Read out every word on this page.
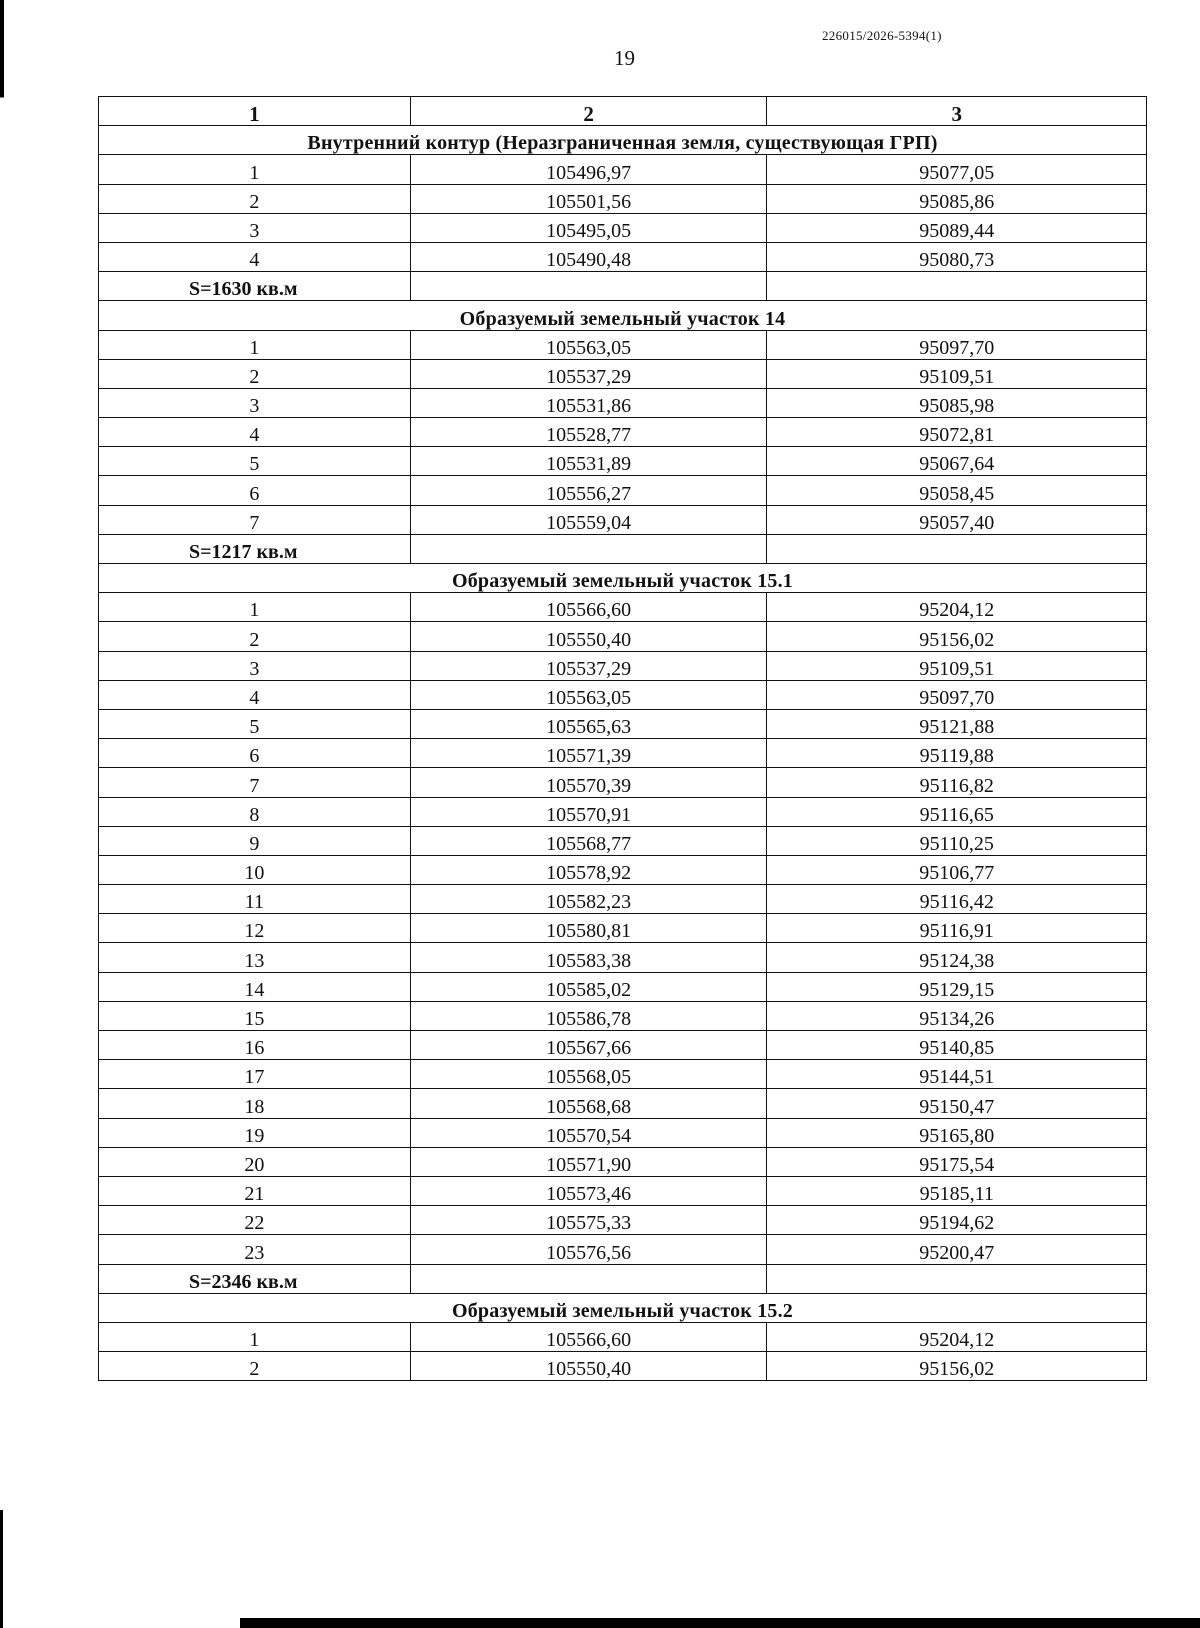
226015/2026-5394(1)
19
1	2	3
Внутренний контур (Неразграниченная земля, существующая ГРП)		
1	105496,97	95077,05
2	105501,56	95085,86
3	105495,05	95089,44
4	105490,48	95080,73
S=1630 кв.м		
Образуемый земельный участок 14		
1	105563,05	95097,70
2	105537,29	95109,51
3	105531,86	95085,98
4	105528,77	95072,81
5	105531,89	95067,64
6	105556,27	95058,45
7	105559,04	95057,40
S=1217 кв.м		
Образуемый земельный участок 15.1		
1	105566,60	95204,12
2	105550,40	95156,02
3	105537,29	95109,51
4	105563,05	95097,70
5	105565,63	95121,88
6	105571,39	95119,88
7	105570,39	95116,82
8	105570,91	95116,65
9	105568,77	95110,25
10	105578,92	95106,77
11	105582,23	95116,42
12	105580,81	95116,91
13	105583,38	95124,38
14	105585,02	95129,15
15	105586,78	95134,26
16	105567,66	95140,85
17	105568,05	95144,51
18	105568,68	95150,47
19	105570,54	95165,80
20	105571,90	95175,54
21	105573,46	95185,11
22	105575,33	95194,62
23	105576,56	95200,47
S=2346 кв.м		
Образуемый земельный участок 15.2		
1	105566,60	95204,12
2	105550,40	95156,02
